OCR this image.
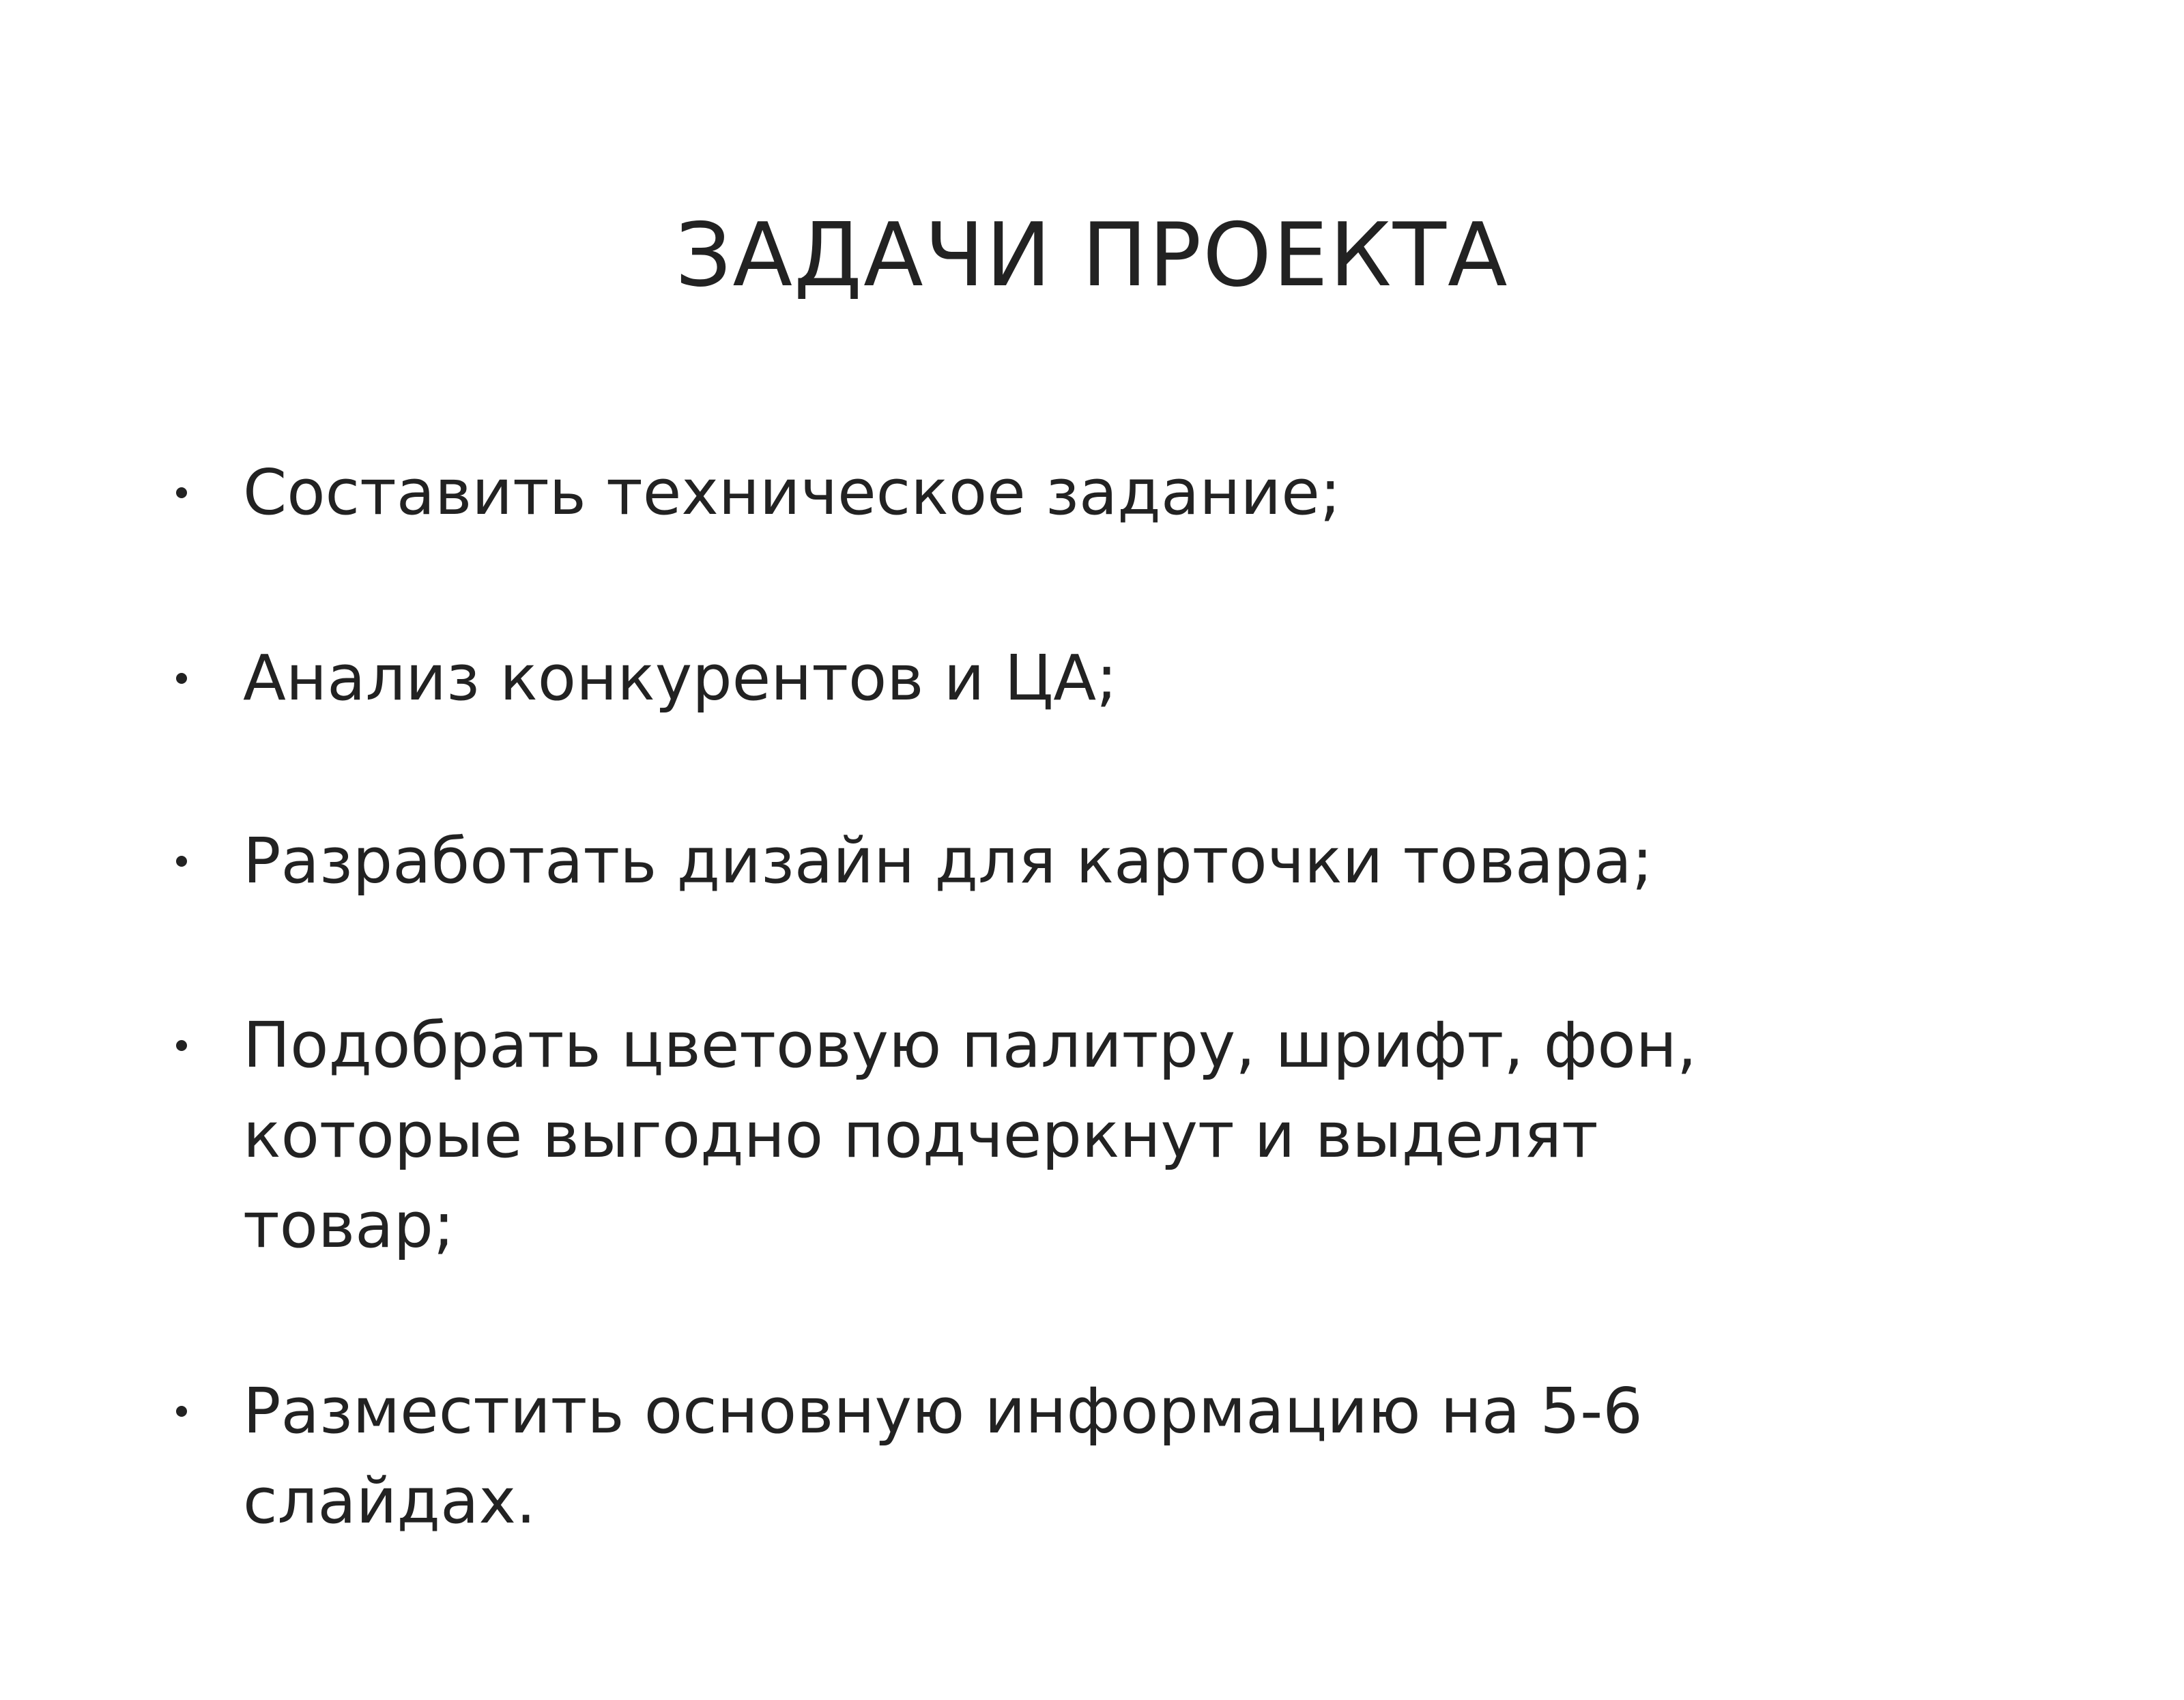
ЗАДАЧИ ПРОЕКТА
Составить техническое задание;
Анализ конкурентов и ЦА;
Разработать дизайн для карточки товара;
Подобрать цветовую палитру, шрифт, фон,
которые выгодно подчеркнут и выделят
товар;
Разместить основную информацию на 5-6
слайдах.
